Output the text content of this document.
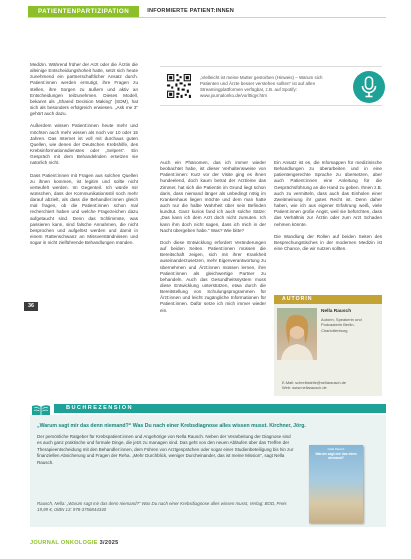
PATIENTENPARTIZIPATION	INFORMIERTE PATIENT:INNEN

Medizin. Während früher der Arzt oder die Ärztin die alleinige Entscheidungshoheit hatte, setzt sich heute zunehmend ein partnerschaftlicher Ansatz durch. Patient:innen werden ermutigt, ihre Fragen zu stellen, ihre Sorgen zu äußern und aktiv an Entscheidungen teilzunehmen. Dieses Modell, bekannt als „Shared Decision Making“ (SDM), hat sich als besonders erfolgreich erwiesen. „Ask me 3“ gehört auch dazu.

Außerdem wissen Patient:innen heute mehr und möchten auch mehr wissen als noch vor 10 oder 15 Jahren. Das Internet ist voll mit durchaus guten Quellen, wie denen der Deutschen Krebshilfe, des Krebsinformationsdienstes oder „Selpers“. Ein Gespräch mit dem Behandelnden ersetzen sie natürlich nicht.

Dass Patient:innen mit Fragen aus solchen Quellen zu ihnen kommen, ist legitim und sollte nicht verteufelt werden. Im Gegenteil. Ich würde mir wünschen, dass der Kommunikationsstil noch mehr darauf abzielt, als dass die Behandler:innen gleich mal fragen, ob die Patient:innen schon mal recherchiert haben und welche Fragezeichen dazu aufgetaucht sind. Denn das Schlimmste, was passieren kann, sind falsche Annahmen, die nicht besprochen und aufgelöst werden und damit in einem Rattenschwanz an Missverständnissen und sogar in nicht zielführende Behandlungen münden.

„Vielleicht ist meine Mutter gestorben (Hinweis) – Warum sich Patienten und Ärzte besser verstehen sollten“ ist auf allen Streamingplattformen verfügbar, z.B. auf Spotify: www.journalonko.de/vorl0iqyr.htm

Auch ein Phänomen, das ich immer wieder beobachtet habe, ist dieser Verhaltensweise von Patient:innen: Kurz vor der Visite ging es ihnen hundeelend, doch kaum betrat der Arzt/eine das Zimmer, hat sich die Patientin im Grund liegt schon darin, dass niemand länger als unbedingt nötig im Krankenhaus liegen möchte und dem man hatte auch nur die halbe Wahrheit über sein Befinden kundtut. Ganz kurios fand ich auch solche Sätze: „Das kann ich dem Arzt doch nicht zumuten. Ich kann ihm doch nicht sagen, dass ich mich in der Nacht übergeben habe.“ Was? Wie bitte?

Doch diese Entwicklung erfordert Veränderungen auf beiden Seiten. Patient:innen müssen die Bereitschaft zeigen, sich mit ihrer Krankheit auseinanderzusetzen, mehr Eigenverantwortung zu übernehmen und Ärzt:innen müssen lernen, ihre Patient:innen als gleichwertige Partner zu behandeln. Auch das Gesundheitssystem muss diese Entwicklung unterstützen, etwa durch die Bereitstellung von Schulungsprogrammen für Ärzt:innen und leicht zugängliche Informationen für Patient:innen. Dafür setze ich mich immer wieder ein.

Ein Ansatz ist es, die Infomappen für medizinische Behandlungen zu überarbeiten und in eine patientengerechte Sprache zu übersetzen, aber auch Patient:innen eine Anleitung für die Gesprächsführung an die Hand zu geben. Ihnen z.B. auch zu vermitteln, dass auch das Einholen einer Zweitmeinung ihr gutes Recht ist. Denn daher haben, wie ich aus eigener Erfahrung weiß, viele Patient:innen große Angst, weil sie befürchten, dass das Verhältnis zur Ärztin oder zum Arzt Schaden nehmen könnte.

Die Wandlung der Rollen auf beiden Seiten des Besprechungstisches in der modernen Medizin ist eine Chance, die wir nutzen sollten.

36
AUTORIN
Nella Rausch
Autorin, Speakerin und Podcasterin Berlin-Charlottenburg
E-Mail: schreibstelle@nellarausch.de
Web: www.nellarausch.de
BUCHREZENSION
„Warum sagt mir das denn niemand?“ Was Du nach einer Krebsdiagnose alles wissen musst. Kirchner, Jörg.
Der persönliche Ratgeber für Krebspatient:innen und Angehörige von Nella Rausch. Neben der Verarbeitung der Diagnose sind es auch ganz praktische und formale Dinge, die jetzt zu managen sind. Das geht von den neuen Abläufen über das Treffen der Therapieentscheidung mit den Behandler:innen, dem Führen von Arztgesprächen oder sogar einer Studienbeteiligung bis hin zur finanziellen Absicherung und Fragen der Reha. „Mehr Durchblick, weniger Durcheinander, das ist meine Mission“, sagt Nella Rausch.
Rausch, Nella: „Warum sagt mir das denn niemand?“ Was Du nach einer Krebsdiagnose alles wissen musst, Verlag: BOD, Preis 19,99 €, ISBN 13: 978-3756844340
Nella Rausch
Warum sagt mir das denn niemand?
JOURNAL ONKOLOGIE 3/2025
